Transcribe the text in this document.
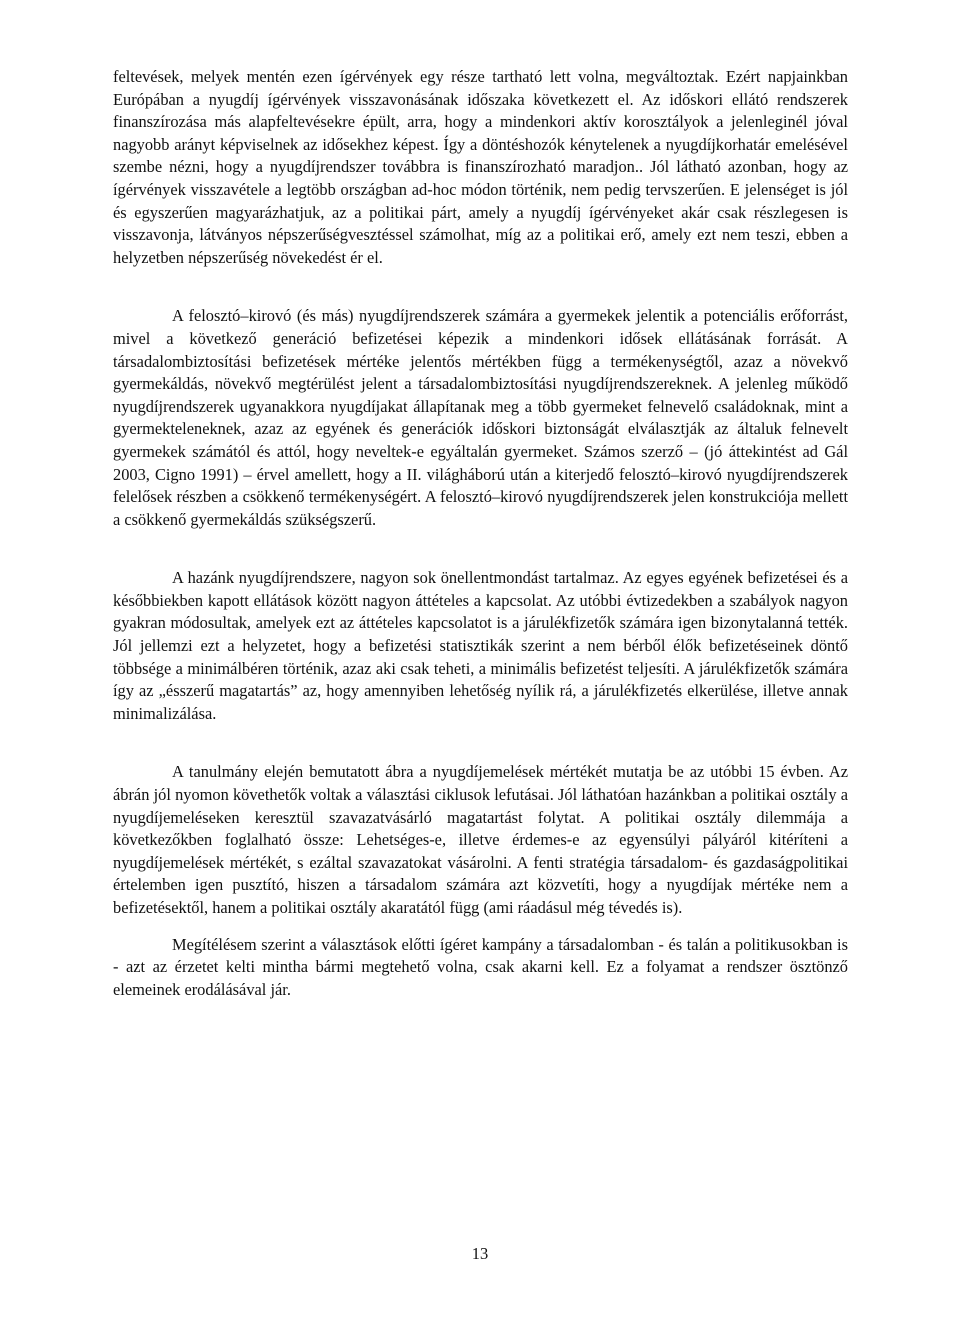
feltevések, melyek mentén ezen ígérvények egy része tartható lett volna, megváltoztak. Ezért napjainkban Európában a nyugdíj ígérvények visszavonásának időszaka következett el. Az időskori ellátó rendszerek finanszírozása más alapfeltevésekre épült, arra, hogy a mindenkori aktív korosztályok a jelenleginél jóval nagyobb arányt képviselnek az idősekhez képest. Így a döntéshozók kénytelenek a nyugdíjkorhatár emelésével szembe nézni, hogy a nyugdíjrendszer továbbra is finanszírozható maradjon.. Jól látható azonban, hogy az ígérvények visszavétele a legtöbb országban ad-hoc módon történik, nem pedig tervszerűen. E jelenséget is jól és egyszerűen magyarázhatjuk, az a politikai párt, amely a nyugdíj ígérvényeket akár csak részlegesen is visszavonja, látványos népszerűségvesztéssel számolhat, míg az a politikai erő, amely ezt nem teszi, ebben a helyzetben népszerűség növekedést ér el.

A felosztó–kirovó (és más) nyugdíjrendszerek számára a gyermekek jelentik a potenciális erőforrást, mivel a következő generáció befizetései képezik a mindenkori idősek ellátásának forrását. A társadalombiztosítási befizetések mértéke jelentős mértékben függ a termékenységtől, azaz a növekvő gyermekáldás, növekvő megtérülést jelent a társadalombiztosítási nyugdíjrendszereknek. A jelenleg működő nyugdíjrendszerek ugyanakkora nyugdíjakat állapítanak meg a több gyermeket felnevelő családoknak, mint a gyermekteleneknek, azaz az egyének és generációk időskori biztonságát elválasztják az általuk felnevelt gyermekek számától és attól, hogy neveltek-e egyáltalán gyermeket. Számos szerző – (jó áttekintést ad Gál 2003, Cigno 1991) – érvel amellett, hogy a II. világháború után a kiterjedő felosztó–kirovó nyugdíjrendszerek felelősek részben a csökkenő termékenységért. A felosztó–kirovó nyugdíjrendszerek jelen konstrukciója mellett a csökkenő gyermekáldás szükségszerű.

A hazánk nyugdíjrendszere, nagyon sok önellentmondást tartalmaz. Az egyes egyének befizetései és a későbbiekben kapott ellátások között nagyon áttételes a kapcsolat. Az utóbbi évtizedekben a szabályok nagyon gyakran módosultak, amelyek ezt az áttételes kapcsolatot is a járulékfizetők számára igen bizonytalanná tették. Jól jellemzi ezt a helyzetet, hogy a befizetési statisztikák szerint a nem bérből élők befizetéseinek döntő többsége a minimálbéren történik, azaz aki csak teheti, a minimális befizetést teljesíti. A járulékfizetők számára így az „ésszerű magatartás” az, hogy amennyiben lehetőség nyílik rá, a járulékfizetés elkerülése, illetve annak minimalizálása.

A tanulmány elején bemutatott ábra a nyugdíjemelések mértékét mutatja be az utóbbi 15 évben. Az ábrán jól nyomon követhetők voltak a választási ciklusok lefutásai. Jól láthatóan hazánkban a politikai osztály a nyugdíjemeléseken keresztül szavazatvásárló magatartást folytat. A politikai osztály dilemmája a következőkben foglalható össze: Lehetséges-e, illetve érdemes-e az egyensúlyi pályáról kitéríteni a nyugdíjemelések mértékét, s ezáltal szavazatokat vásárolni. A fenti stratégia társadalom- és gazdaságpolitikai értelemben igen pusztító, hiszen a társadalom számára azt közvetíti, hogy a nyugdíjak mértéke nem a befizetésektől, hanem a politikai osztály akaratától függ (ami ráadásul még tévedés is).

Megítélésem szerint a választások előtti ígéret kampány a társadalomban - és talán a politikusokban is - azt az érzetet kelti mintha bármi megtehető volna, csak akarni kell. Ez a folyamat a rendszer ösztönző elemeinek erodálásával jár.

13
